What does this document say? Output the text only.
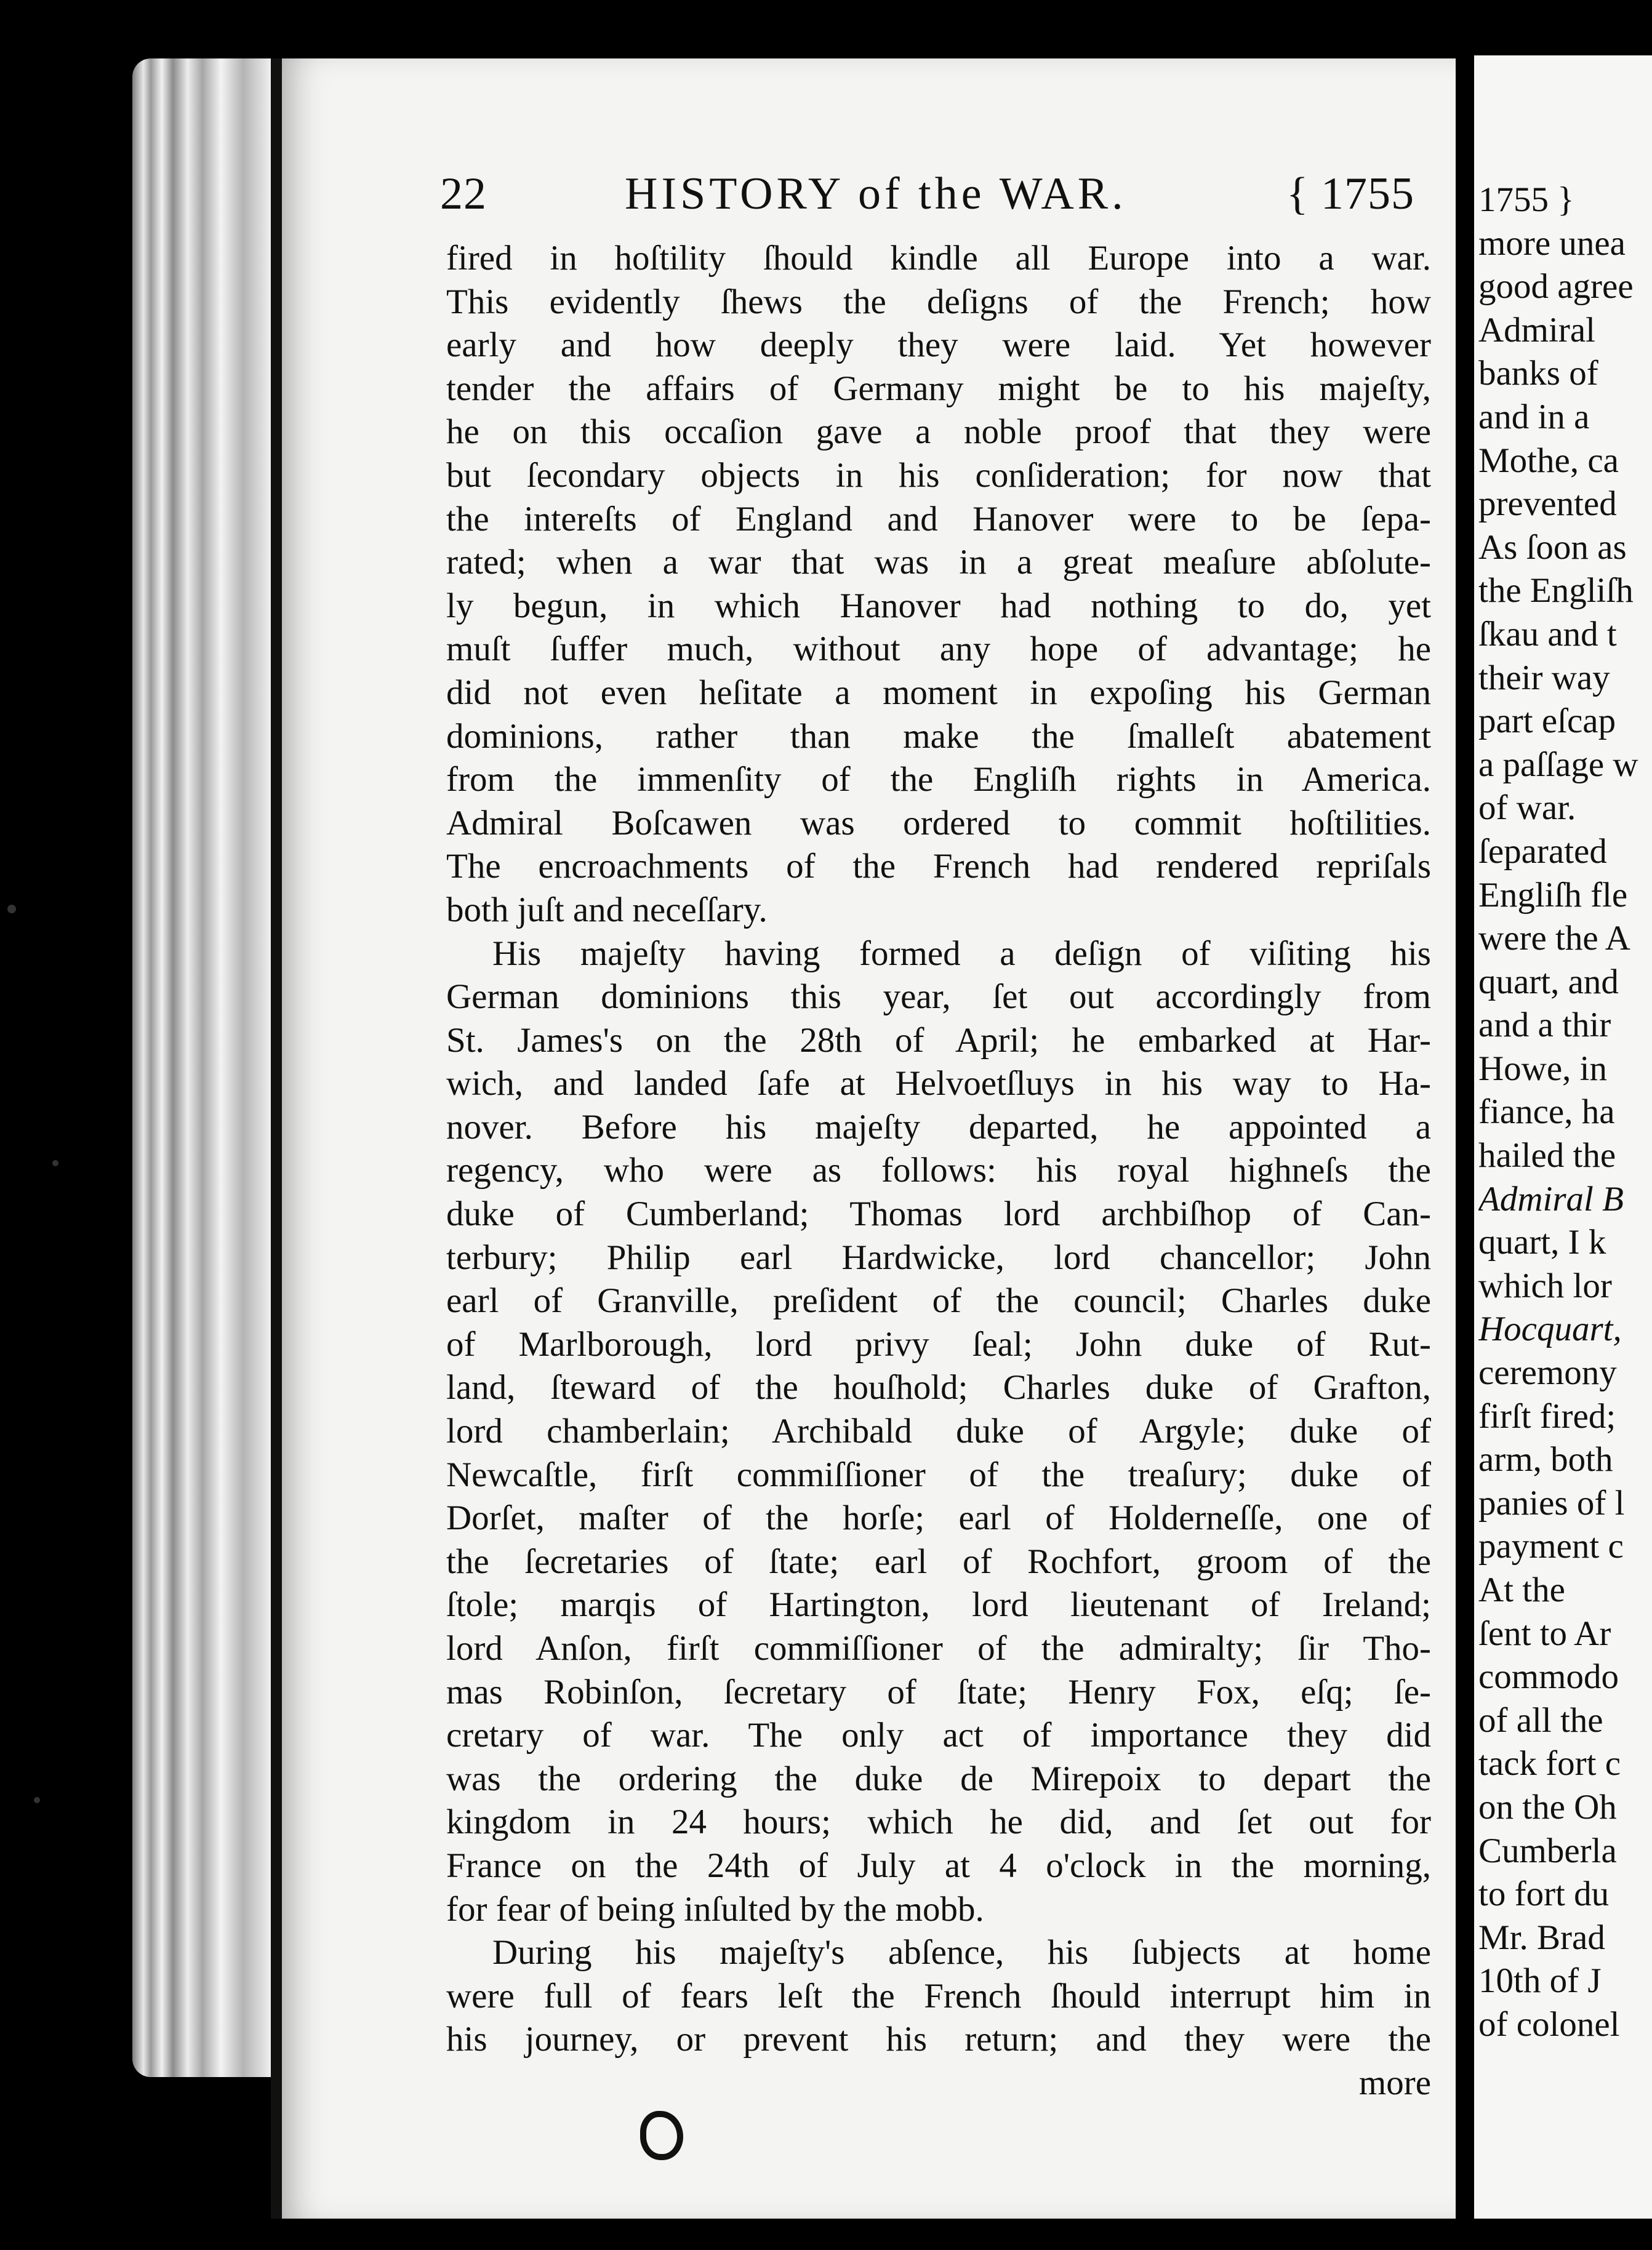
22	HISTORY of the WAR.	{ 1755
fired in hoſtility ſhould kindle all Europe into a war.
This evidently ſhews the deſigns of the French; how
early and how deeply they were laid. Yet however
tender the affairs of Germany might be to his majeſty,
he on this occaſion gave a noble proof that they were
but ſecondary objects in his conſideration; for now that
the intereſts of England and Hanover were to be ſepa-
rated; when a war that was in a great meaſure abſolute-
ly begun, in which Hanover had nothing to do, yet
muſt ſuffer much, without any hope of advantage; he
did not even heſitate a moment in expoſing his German
dominions, rather than make the ſmalleſt abatement
from the immenſity of the Engliſh rights in America.
Admiral Boſcawen was ordered to commit hoſtilities.
The encroachments of the French had rendered repriſals
both juſt and neceſſary.
His majeſty having formed a deſign of viſiting his
German dominions this year, ſet out accordingly from
St. James's on the 28th of April; he embarked at Har-
wich, and landed ſafe at Helvoetſluys in his way to Ha-
nover. Before his majeſty departed, he appointed a
regency, who were as follows: his royal highneſs the
duke of Cumberland; Thomas lord archbiſhop of Can-
terbury; Philip earl Hardwicke, lord chancellor; John
earl of Granville, preſident of the council; Charles duke
of Marlborough, lord privy ſeal; John duke of Rut-
land, ſteward of the houſhold; Charles duke of Grafton,
lord chamberlain; Archibald duke of Argyle; duke of
Newcaſtle, firſt commiſſioner of the treaſury; duke of
Dorſet, maſter of the horſe; earl of Holderneſſe, one of
the ſecretaries of ſtate; earl of Rochfort, groom of the
ſtole; marqis of Hartington, lord lieutenant of Ireland;
lord Anſon, firſt commiſſioner of the admiralty; ſir Tho-
mas Robinſon, ſecretary of ſtate; Henry Fox, eſq; ſe-
cretary of war. The only act of importance they did
was the ordering the duke de Mirepoix to depart the
kingdom in 24 hours; which he did, and ſet out for
France on the 24th of July at 4 o'clock in the morning,
for fear of being inſulted by the mobb.
During his majeſty's abſence, his ſubjects at home
were full of fears leſt the French ſhould interrupt him in
his journey, or prevent his return; and they were the
more
1755 }
more unea
good agree
Admiral
banks of
and in a
Mothe, ca
prevented
As ſoon as
the Engliſh
ſkau and t
their way
part eſcap
a paſſage w
of war.
ſeparated
Engliſh fle
were the A
quart, and
and a thir
Howe, in
fiance, ha
hailed the
Admiral B
quart, I k
which lor
Hocquart,
ceremony
firſt fired;
arm, both
panies of l
payment c
At the
ſent to Ar
commodo
of all the
tack fort c
on the Oh
Cumberla
to fort du
Mr. Brad
10th of J
of colonel
